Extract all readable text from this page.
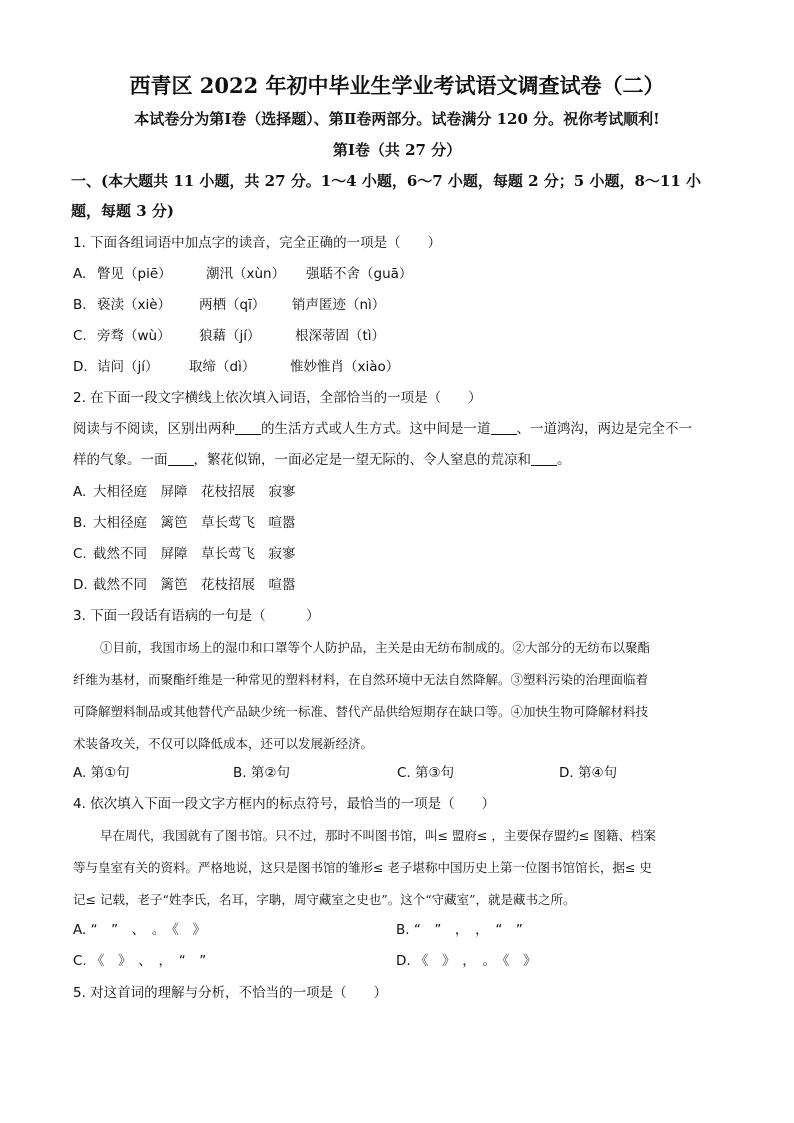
西青区 2022 年初中毕业生学业考试语文调查试卷（二）
本试卷分为第Ⅰ卷（选择题）、第Ⅱ卷两部分。试卷满分 120 分。祝你考试顺利!
第Ⅰ卷（共 27 分）
一、(本大题共 11 小题，共 27 分。1～4 小题，6～7 小题，每题 2 分；5 小题，8～11 小
题，每题 3 分)
1. 下面各组词语中加点字的读音，完全正确的一项是（　　）
A. 瞥见（piē）	潮汛（xùn） 强聒不舍（guā）
B. 亵渎（xiè） 两栖（qī） 销声匿迹（nì）
C. 旁骛（wù） 狼藉（jí）	根深蒂固（tì）
D. 诘问（jí） 取缔（dì）	惟妙惟肖（xiào）
2. 在下面一段文字横线上依次填入词语，全部恰当的一项是（　　）
阅读与不阅读，区别出两种 的生活方式或人生方式。这中间是一道 、一道鸿沟，两边是完全不一
样的气象。一面 ，繁花似锦，一面必定是一望无际的、令人窒息的荒凉和 。
A. 大相径庭　屏障　花枝招展　寂寥
B. 大相径庭　篱笆　草长莺飞　喧嚣
C. 截然不同　屏障　草长莺飞　寂寥
D. 截然不同　篱笆　花枝招展　喧嚣
3. 下面一段话有语病的一句是（　　　）
①目前，我国市场上的湿巾和口罩等个人防护品，主关是由无纺布制成的。②大部分的无纺布以聚酯
纤维为基材，而聚酯纤维是一种常见的塑料材料，在自然环境中无法自然降解。③塑料污染的治理面临着
可降解塑料制品或其他替代产品缺少统一标准、替代产品供给短期存在缺口等。④加快生物可降解材料技
术装备攻关，不仅可以降低成本，还可以发展新经济。
A. 第①句	B. 第②句	C. 第③句	D. 第④句
4. 依次填入下面一段文字方框内的标点符号，最恰当的一项是（　　）
早在周代，我国就有了图书馆。只不过，那时不叫图书馆，叫≤ 盟府≤ ，主要保存盟约≤ 图籍、档案
等与皇室有关的资料。严格地说，这只是图书馆的雏形≤ 老子堪称中国历史上第一位图书馆馆长，据≤ 史
记≤ 记载，老子“姓李氏，名耳，字聃，周守藏室之史也”。这个“守藏室”，就是藏书之所。
A. “　”　、　。　《　》	B. “　”　，　，　“　”
C. 《　》　、　，　“　”	D. 《　》　，　。　《　》
5. 对这首词的理解与分析，不恰当的一项是（　　）
